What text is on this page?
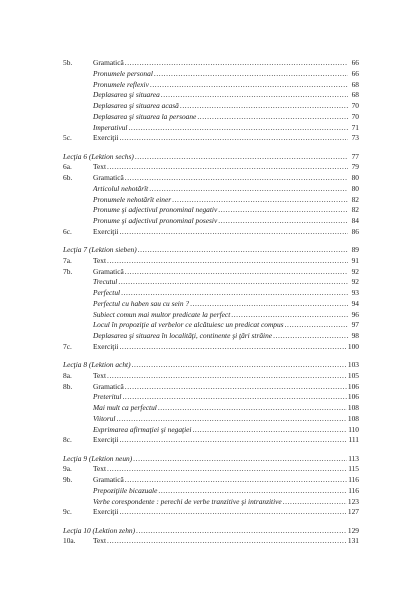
5b.	Gramatică .....	66
Pronumele personal .....	66
Pronumele reflexiv .....	68
Deplasarea şi situarea .....	68
Deplasarea şi situarea acasă .....	70
Deplasarea şi situarea la persoane .....	70
Imperativul .....	71
5c.	Exerciţii .....	73
Lecţia 6 (Lektion sechs) .....	77
6a.	Text .....	79
6b.	Gramatică .....	80
Articolul nehotărît .....	80
Pronumele nehotărît einer .....	82
Pronume şi adjectivul pronominal negativ .....	82
Pronume şi adjectivul pronominal posesiv .....	84
6c.	Exerciţii .....	86
Lecţia 7 (Lektion sieben) .....	89
7a.	Text .....	91
7b.	Gramatică .....	92
Trecutul .....	92
Perfectul .....	93
Perfectul cu haben sau cu sein ? .....	94
Subiect comun mai multor predicate la perfect .....	96
Locul în propoziţie al verbelor ce alcătuiesc un predicat compus .....	97
Deplasarea şi situarea în localităţi, continente şi ţări străine .....	98
7c.	Exerciţii .....	100
Lecţia 8 (Lektion acht) .....	103
8a.	Text .....	105
8b.	Gramatică .....	106
Preteritul .....	106
Mai mult ca perfectul .....	108
Viitorul .....	108
Exprimarea afirmaţiei şi negaţiei .....	110
8c.	Exerciţii .....	111
Lecţia 9 (Lektion neun) .....	113
9a.	Text .....	115
9b.	Gramatică .....	116
Prepoziţiile bicazuale .....	116
Verbe corespondente : perechi de verbe tranzitive şi intranzitive .....	123
9c.	Exerciţii .....	127
Lecţia 10 (Lektion zehn) .....	129
10a.	Text .....	131
